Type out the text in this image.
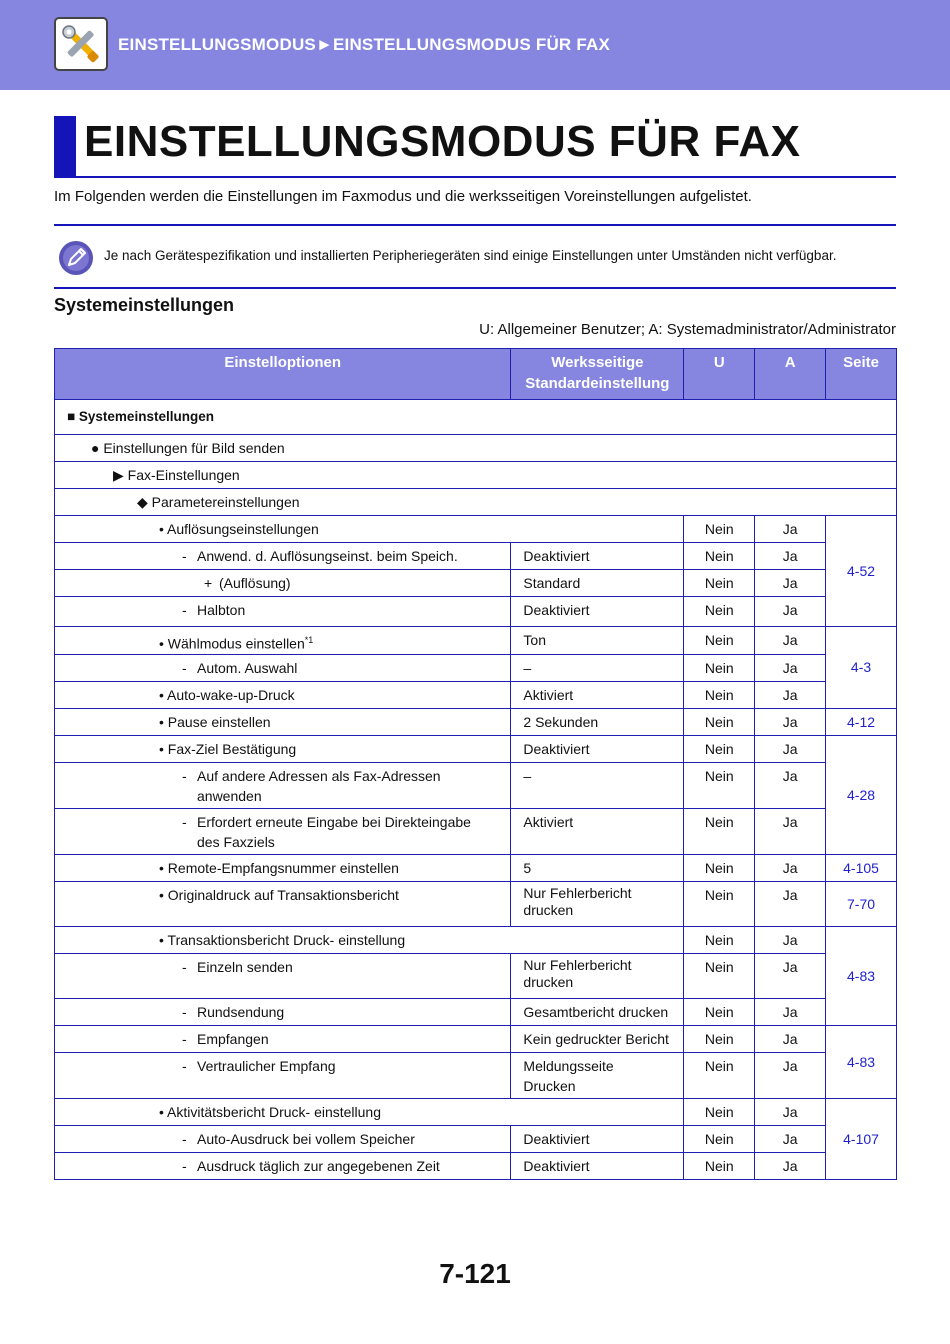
EINSTELLUNGSMODUS►EINSTELLUNGSMODUS FÜR FAX
EINSTELLUNGSMODUS FÜR FAX
Im Folgenden werden die Einstellungen im Faxmodus und die werksseitigen Voreinstellungen aufgelistet.
Je nach Gerätespezifikation und installierten Peripheriegeräten sind einige Einstellungen unter Umständen nicht verfügbar.
Systemeinstellungen
U: Allgemeiner Benutzer; A: Systemadministrator/Administrator
Einstelloptionen	Werksseitige
Standardeinstellung	U	A	Seite
■ Systemeinstellungen				
● Einstellungen für Bild senden				
▶ Fax-Einstellungen				
◆ Parametereinstellungen				
• Auflösungseinstellungen		Nein	Ja	4-52
- Anwend. d. Auflösungseinst. beim Speich.	Deaktiviert	Nein	Ja	
+ (Auflösung)	Standard	Nein	Ja	
- Halbton	Deaktiviert	Nein	Ja	
• Wählmodus einstellen$^{*1}$	Ton	Nein	Ja	4-3
- Autom. Auswahl	–	Nein	Ja	
• Auto-wake-up-Druck	Aktiviert	Nein	Ja	
• Pause einstellen	2 Sekunden	Nein	Ja	4-12
• Fax-Ziel Bestätigung	Deaktiviert	Nein	Ja	4-28

- Auf andere Adressen als Fax-Adressen
anwenden	–	Nein	Ja	

- Erfordert erneute Eingabe bei Direkteingabe
des Faxziels	Aktiviert	Nein	Ja	
• Remote-Empfangsnummer einstellen	5	Nein	Ja	4-105
• Originaldruck auf Transaktionsbericht	Nur Fehlerbericht
drucken	Nein	Ja	7-70
• Transaktionsbericht Druck- einstellung		Nein	Ja	4-83
- Einzeln senden	Nur Fehlerbericht
drucken	Nein	Ja	
- Rundsendung	Gesamtbericht drucken	Nein	Ja	
- Empfangen	Kein gedruckter Bericht	Nein	Ja	4-83
- Vertraulicher Empfang	Meldungsseite
Drucken	Nein	Ja	
• Aktivitätsbericht Druck- einstellung		Nein	Ja	4-107
- Auto-Ausdruck bei vollem Speicher	Deaktiviert	Nein	Ja	
- Ausdruck täglich zur angegebenen Zeit	Deaktiviert	Nein	Ja	
7-121
